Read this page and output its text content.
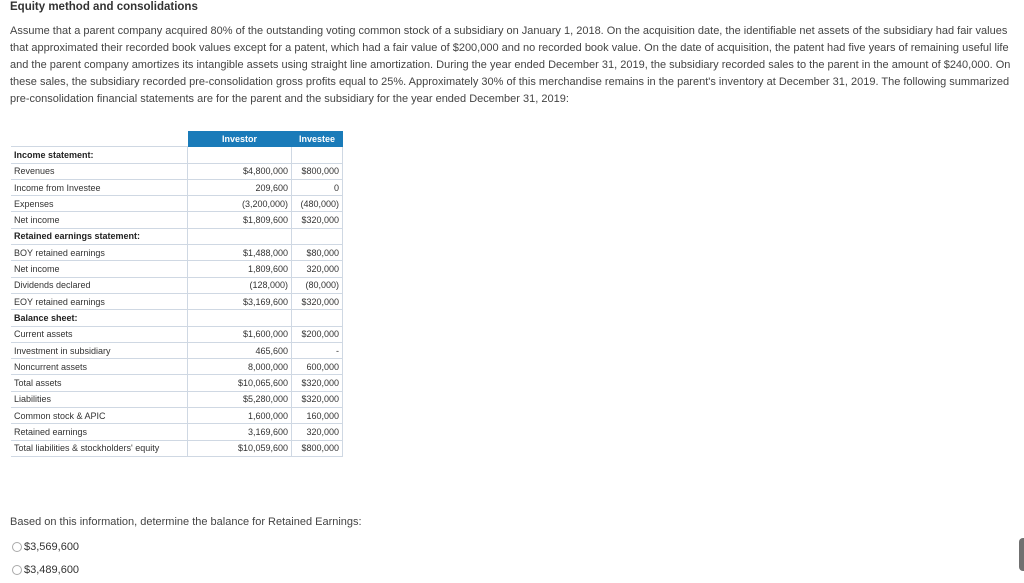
Equity method and consolidations

Assume that a parent company acquired 80% of the outstanding voting common stock of a subsidiary on January 1, 2018. On the acquisition date, the identifiable net assets of the subsidiary had fair values that approximated their recorded book values except for a patent, which had a fair value of $200,000 and no recorded book value. On the date of acquisition, the patent had five years of remaining useful life and the parent company amortizes its intangible assets using straight line amortization. During the year ended December 31, 2019, the subsidiary recorded sales to the parent in the amount of $240,000. On these sales, the subsidiary recorded pre-consolidation gross profits equal to 25%. Approximately 30% of this merchandise remains in the parent's inventory at December 31, 2019. The following summarized pre-consolidation financial statements are for the parent and the subsidiary for the year ended December 31, 2019:

	Investor	Investee
Income statement:		
Revenues	$4,800,000	$800,000
Income from Investee	209,600	0
Expenses	(3,200,000)	(480,000)
Net income	$1,809,600	$320,000
Retained earnings statement:		
BOY retained earnings	$1,488,000	$80,000
Net income	1,809,600	320,000
Dividends declared	(128,000)	(80,000)
EOY retained earnings	$3,169,600	$320,000
Balance sheet:		
Current assets	$1,600,000	$200,000
Investment in subsidiary	465,600	-
Noncurrent assets	8,000,000	600,000
Total assets	$10,065,600	$320,000
Liabilities	$5,280,000	$320,000
Common stock & APIC	1,600,000	160,000
Retained earnings	3,169,600	320,000
Total liabilities & stockholders' equity	$10,059,600	$800,000
Based on this information, determine the balance for Retained Earnings:
$3,569,600
$3,489,600
